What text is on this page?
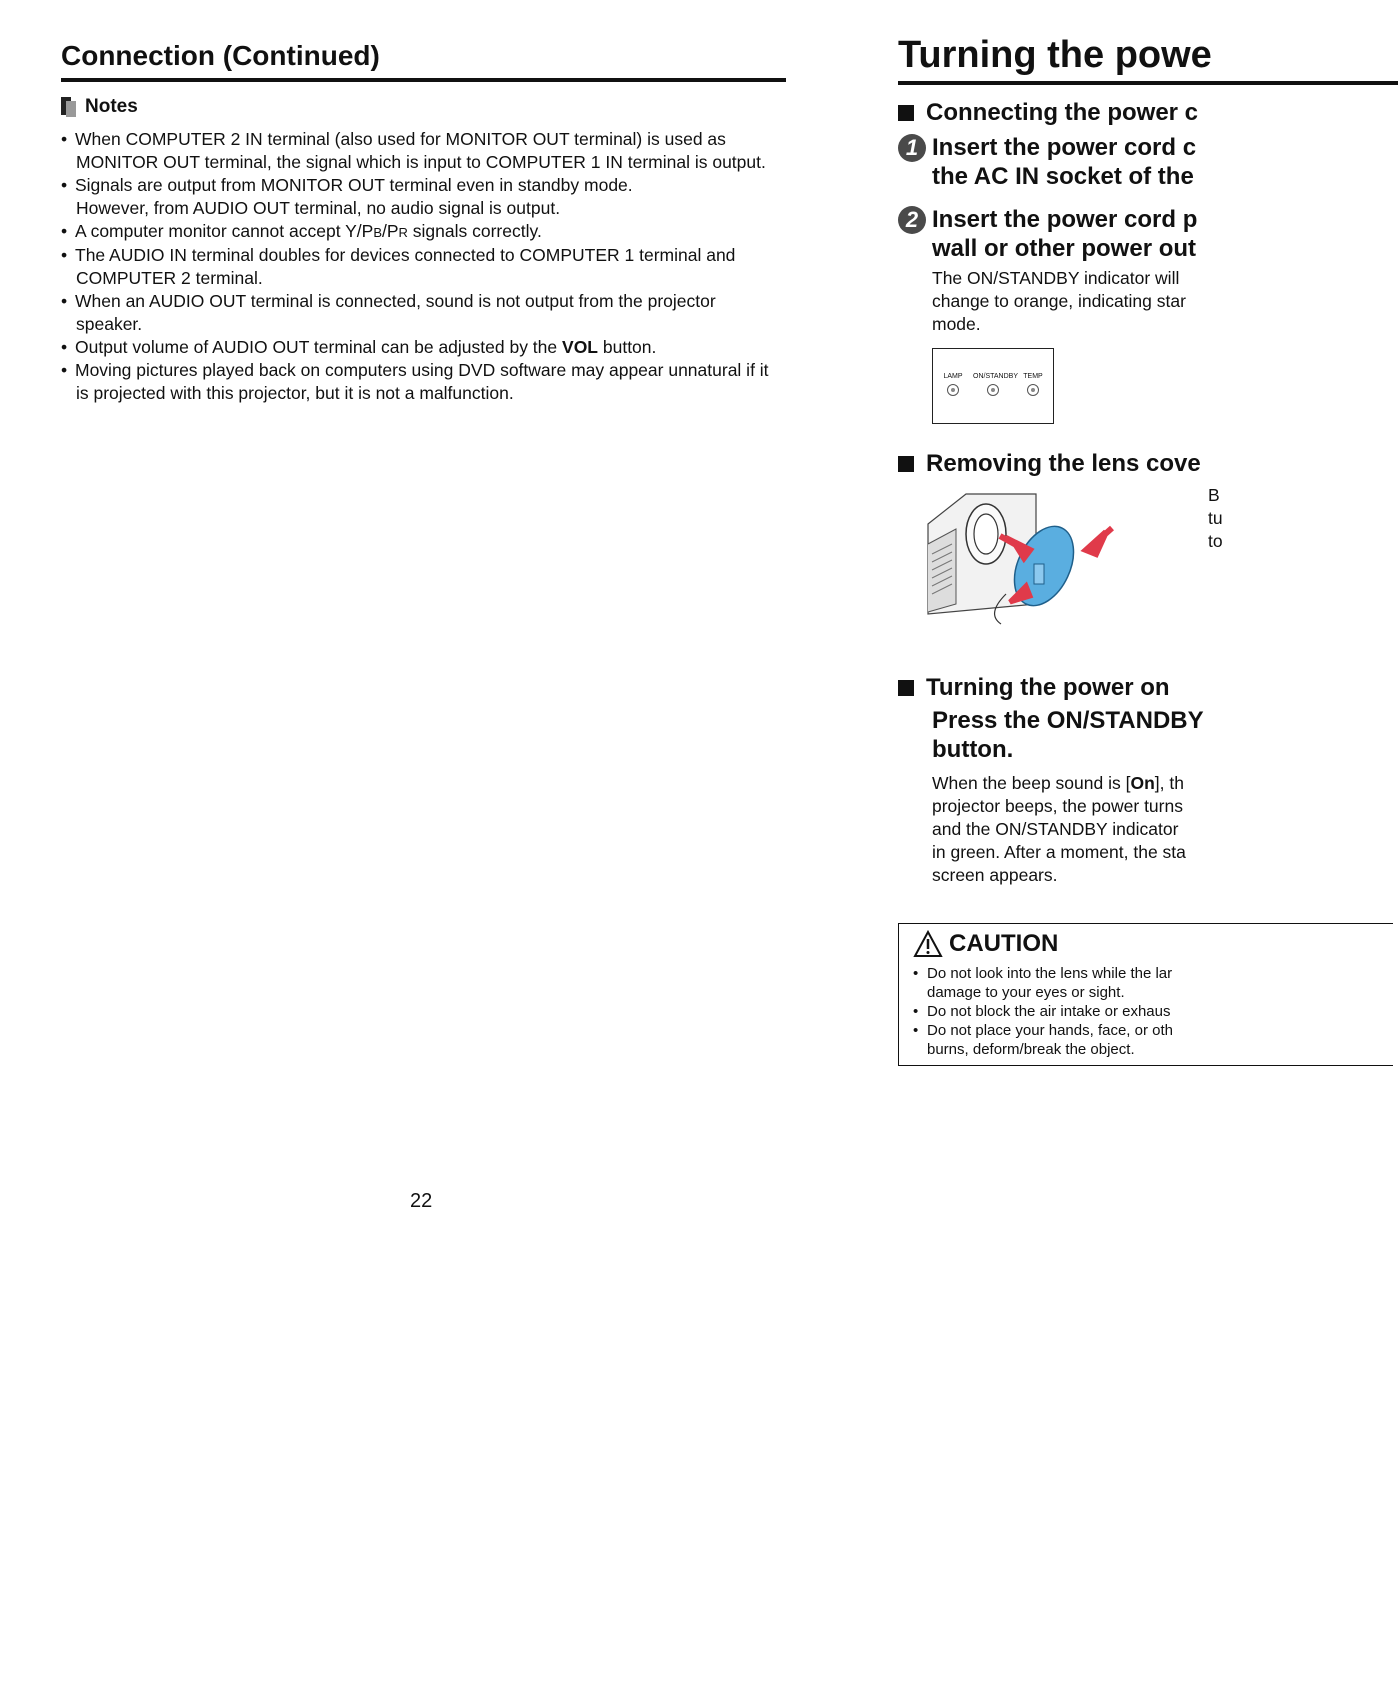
Connection (Continued)
Notes
• When COMPUTER 2 IN terminal (also used for MONITOR OUT terminal) is used as
MONITOR OUT terminal, the signal which is input to COMPUTER 1 IN terminal is output.
• Signals are output from MONITOR OUT terminal even in standby mode.
However, from AUDIO OUT terminal, no audio signal is output.
• A computer monitor cannot accept Y/PB/PR signals correctly.
• The AUDIO IN terminal doubles for devices connected to COMPUTER 1 terminal and
COMPUTER 2 terminal.
• When an AUDIO OUT terminal is connected, sound is not output from the projector
speaker.
• Output volume of AUDIO OUT terminal can be adjusted by the VOL button.
• Moving pictures played back on computers using DVD software may appear unnatural if it
is projected with this projector, but it is not a malfunction.
22
Turning the powe
Connecting the power c
1 Insert the power cord c
the AC IN socket of the
2 Insert the power cord p
wall or other power out
The ON/STANDBY indicator will
change to orange, indicating star
mode.
LAMP	ON/STANDBY TEMP
Removing the lens cove
B
tu
to
Turning the power on
Press the ON/STANDBY
button.
When the beep sound is [On], th
projector beeps, the power turns
and the ON/STANDBY indicator
in green. After a moment, the sta
screen appears.
CAUTION
• Do not look into the lens while the lar
damage to your eyes or sight.
• Do not block the air intake or exhaus
• Do not place your hands, face, or oth
burns, deform/break the object.
